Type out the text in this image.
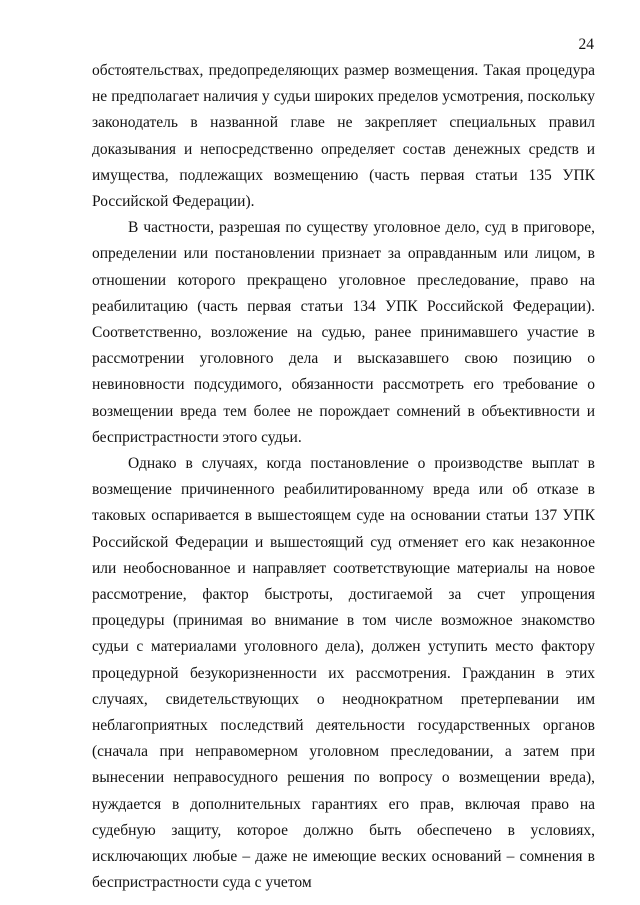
24

обстоятельствах, предопределяющих размер возмещения. Такая процедура не предполагает наличия у судьи широких пределов усмотрения, поскольку законодатель в названной главе не закрепляет специальных правил доказывания и непосредственно определяет состав денежных средств и имущества, подлежащих возмещению (часть первая статьи 135 УПК Российской Федерации).

В частности, разрешая по существу уголовное дело, суд в приговоре, определении или постановлении признает за оправданным или лицом, в отношении которого прекращено уголовное преследование, право на реабилитацию (часть первая статьи 134 УПК Российской Федерации). Соответственно, возложение на судью, ранее принимавшего участие в рассмотрении уголовного дела и высказавшего свою позицию о невиновности подсудимого, обязанности рассмотреть его требование о возмещении вреда тем более не порождает сомнений в объективности и беспристрастности этого судьи.

Однако в случаях, когда постановление о производстве выплат в возмещение причиненного реабилитированному вреда или об отказе в таковых оспаривается в вышестоящем суде на основании статьи 137 УПК Российской Федерации и вышестоящий суд отменяет его как незаконное или необоснованное и направляет соответствующие материалы на новое рассмотрение, фактор быстроты, достигаемой за счет упрощения процедуры (принимая во внимание в том числе возможное знакомство судьи с материалами уголовного дела), должен уступить место фактору процедурной безукоризненности их рассмотрения. Гражданин в этих случаях, свидетельствующих о неоднократном претерпевании им неблагоприятных последствий деятельности государственных органов (сначала при неправомерном уголовном преследовании, а затем при вынесении неправосудного решения по вопросу о возмещении вреда), нуждается в дополнительных гарантиях его прав, включая право на судебную защиту, которое должно быть обеспечено в условиях, исключающих любые – даже не имеющие веских оснований – сомнения в беспристрастности суда с учетом
